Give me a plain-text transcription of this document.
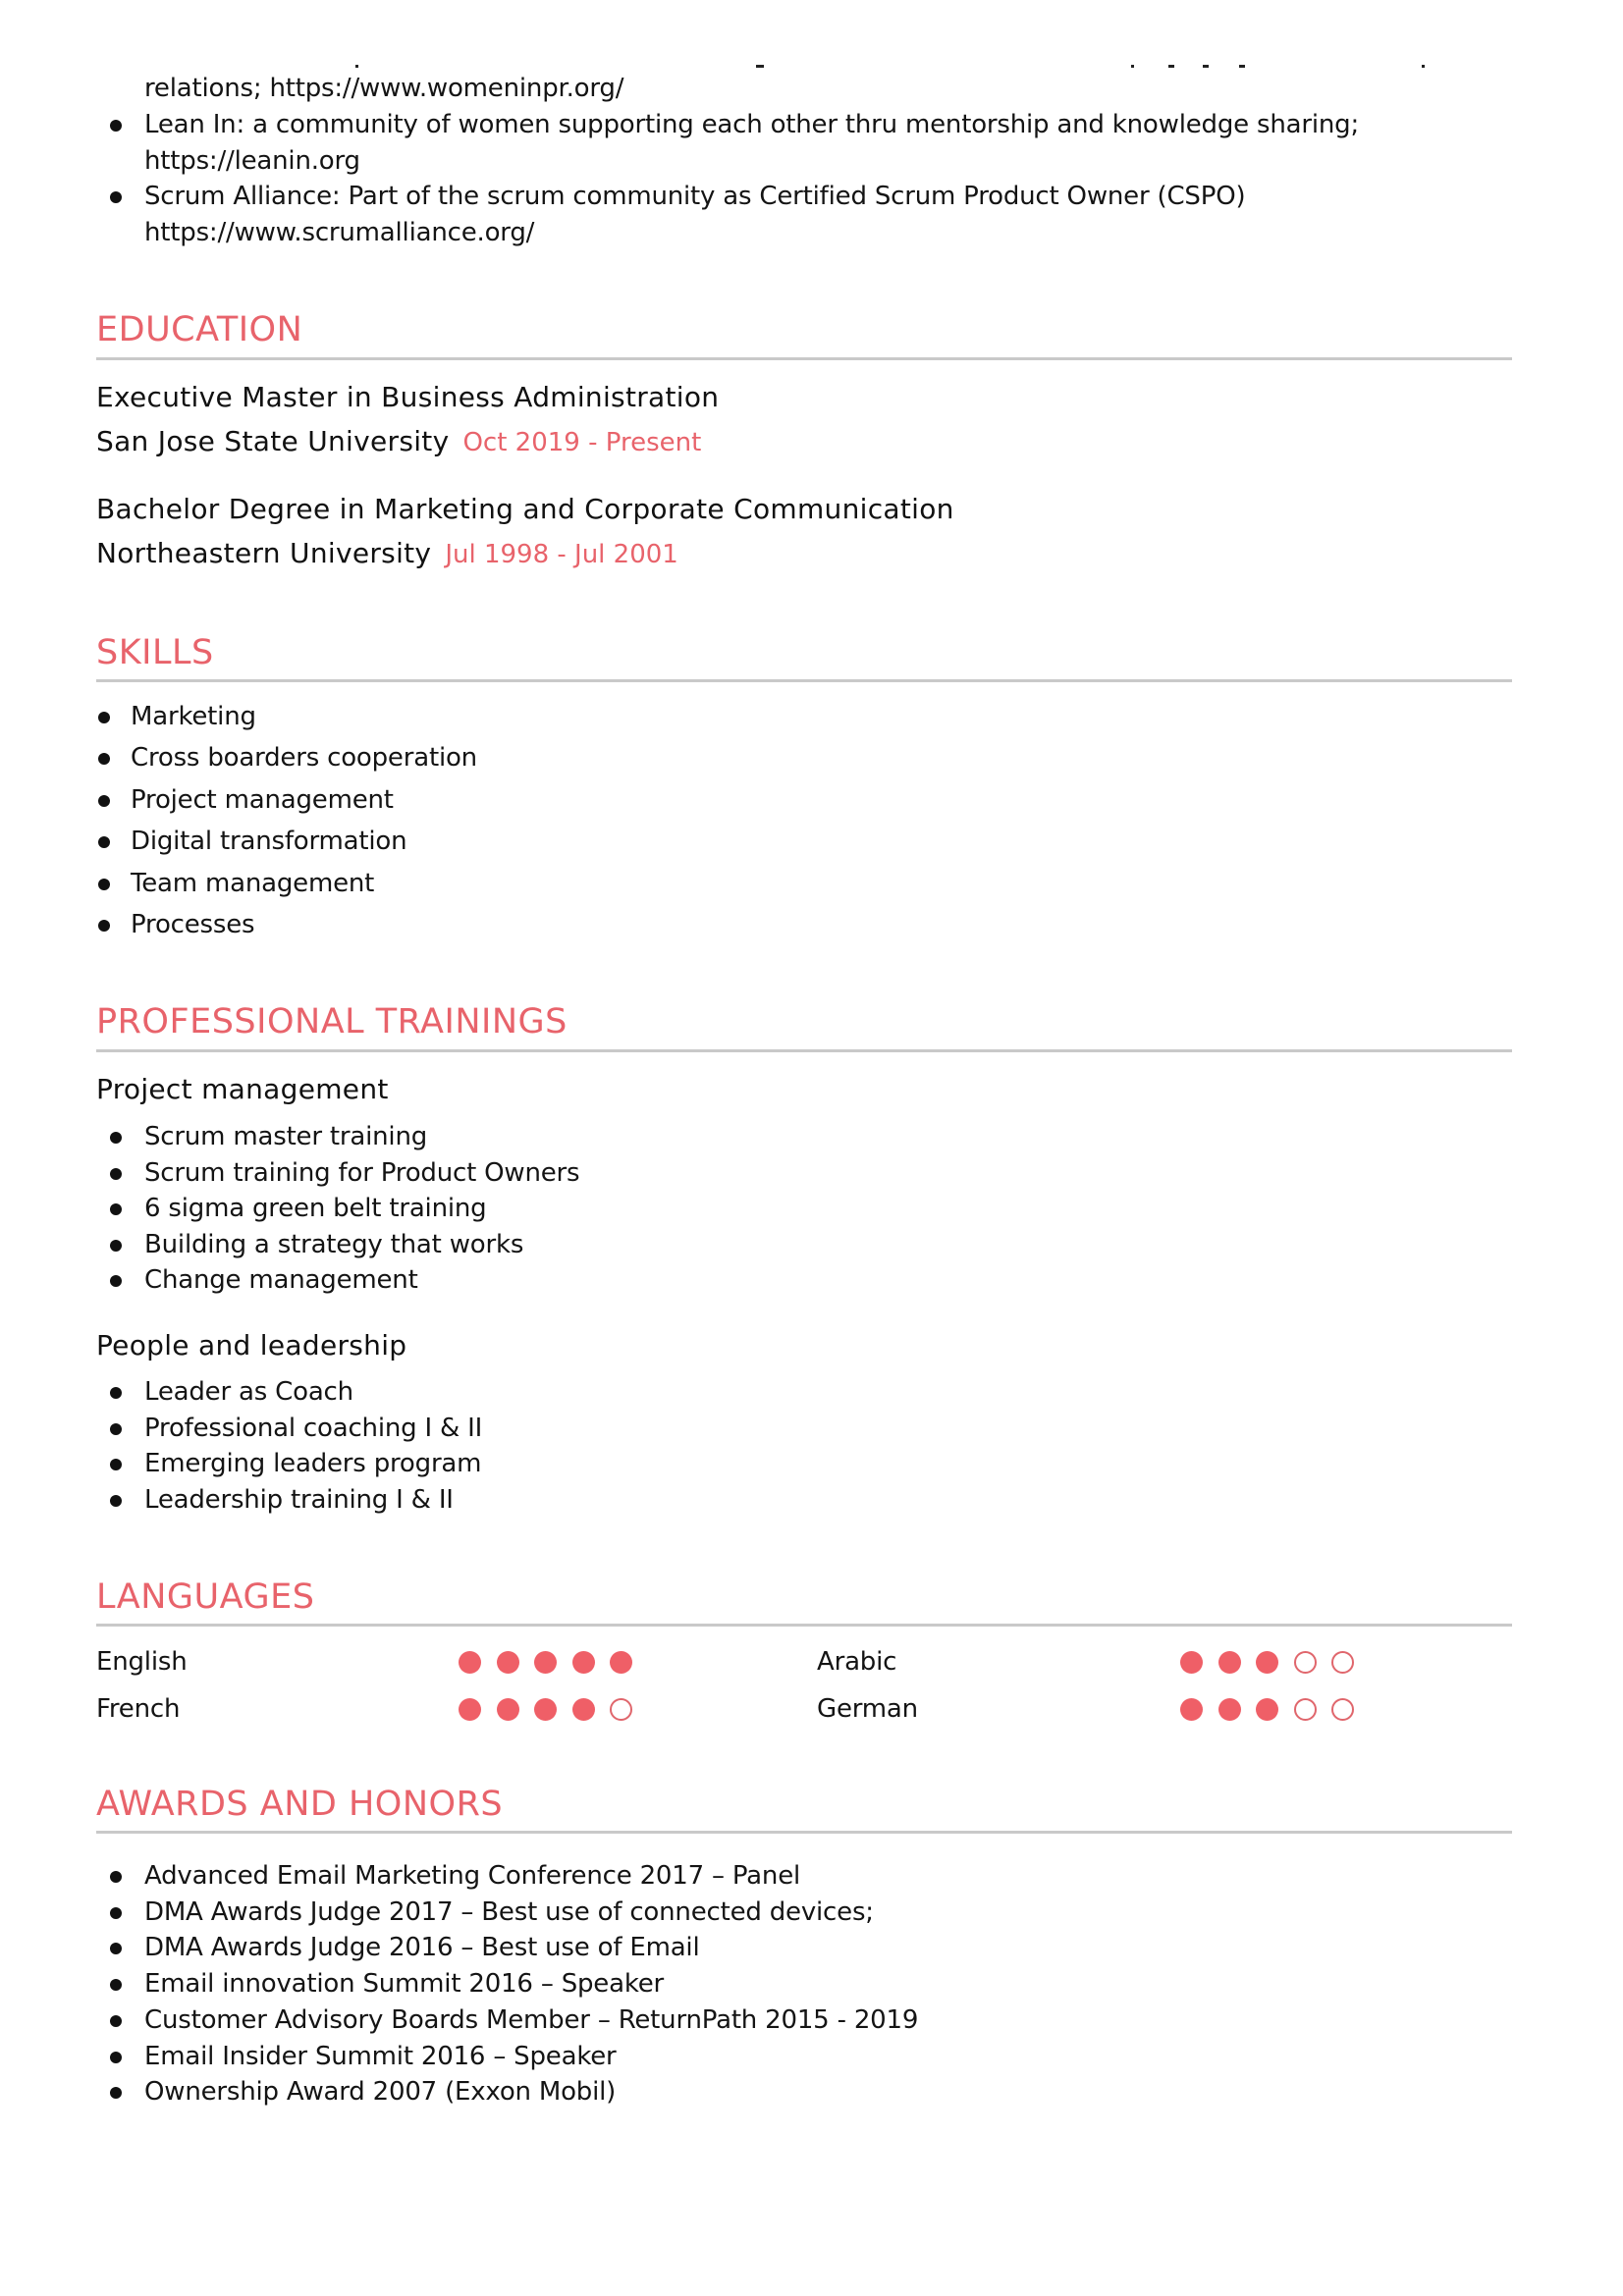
relations; https://www.womeninpr.org/
Lean In: a community of women supporting each other thru mentorship and knowledge sharing;
https://leanin.org
Scrum Alliance: Part of the scrum community as Certified Scrum Product Owner (CSPO)
https://www.scrumalliance.org/
EDUCATION
Executive Master in Business Administration
San Jose State University Oct 2019 - Present
Bachelor Degree in Marketing and Corporate Communication
Northeastern University Jul 1998 - Jul 2001
SKILLS
Marketing
Cross boarders cooperation
Project management
Digital transformation
Team management
Processes
PROFESSIONAL TRAININGS
Project management
Scrum master training
Scrum training for Product Owners
6 sigma green belt training
Building a strategy that works
Change management
People and leadership
Leader as Coach
Professional coaching I & II
Emerging leaders program
Leadership training I & II
LANGUAGES
English	Arabic
French	German
AWARDS AND HONORS
Advanced Email Marketing Conference 2017 – Panel
DMA Awards Judge 2017 – Best use of connected devices;
DMA Awards Judge 2016 – Best use of Email
Email innovation Summit 2016 – Speaker
Customer Advisory Boards Member – ReturnPath 2015 - 2019
Email Insider Summit 2016 – Speaker
Ownership Award 2007 (Exxon Mobil)
